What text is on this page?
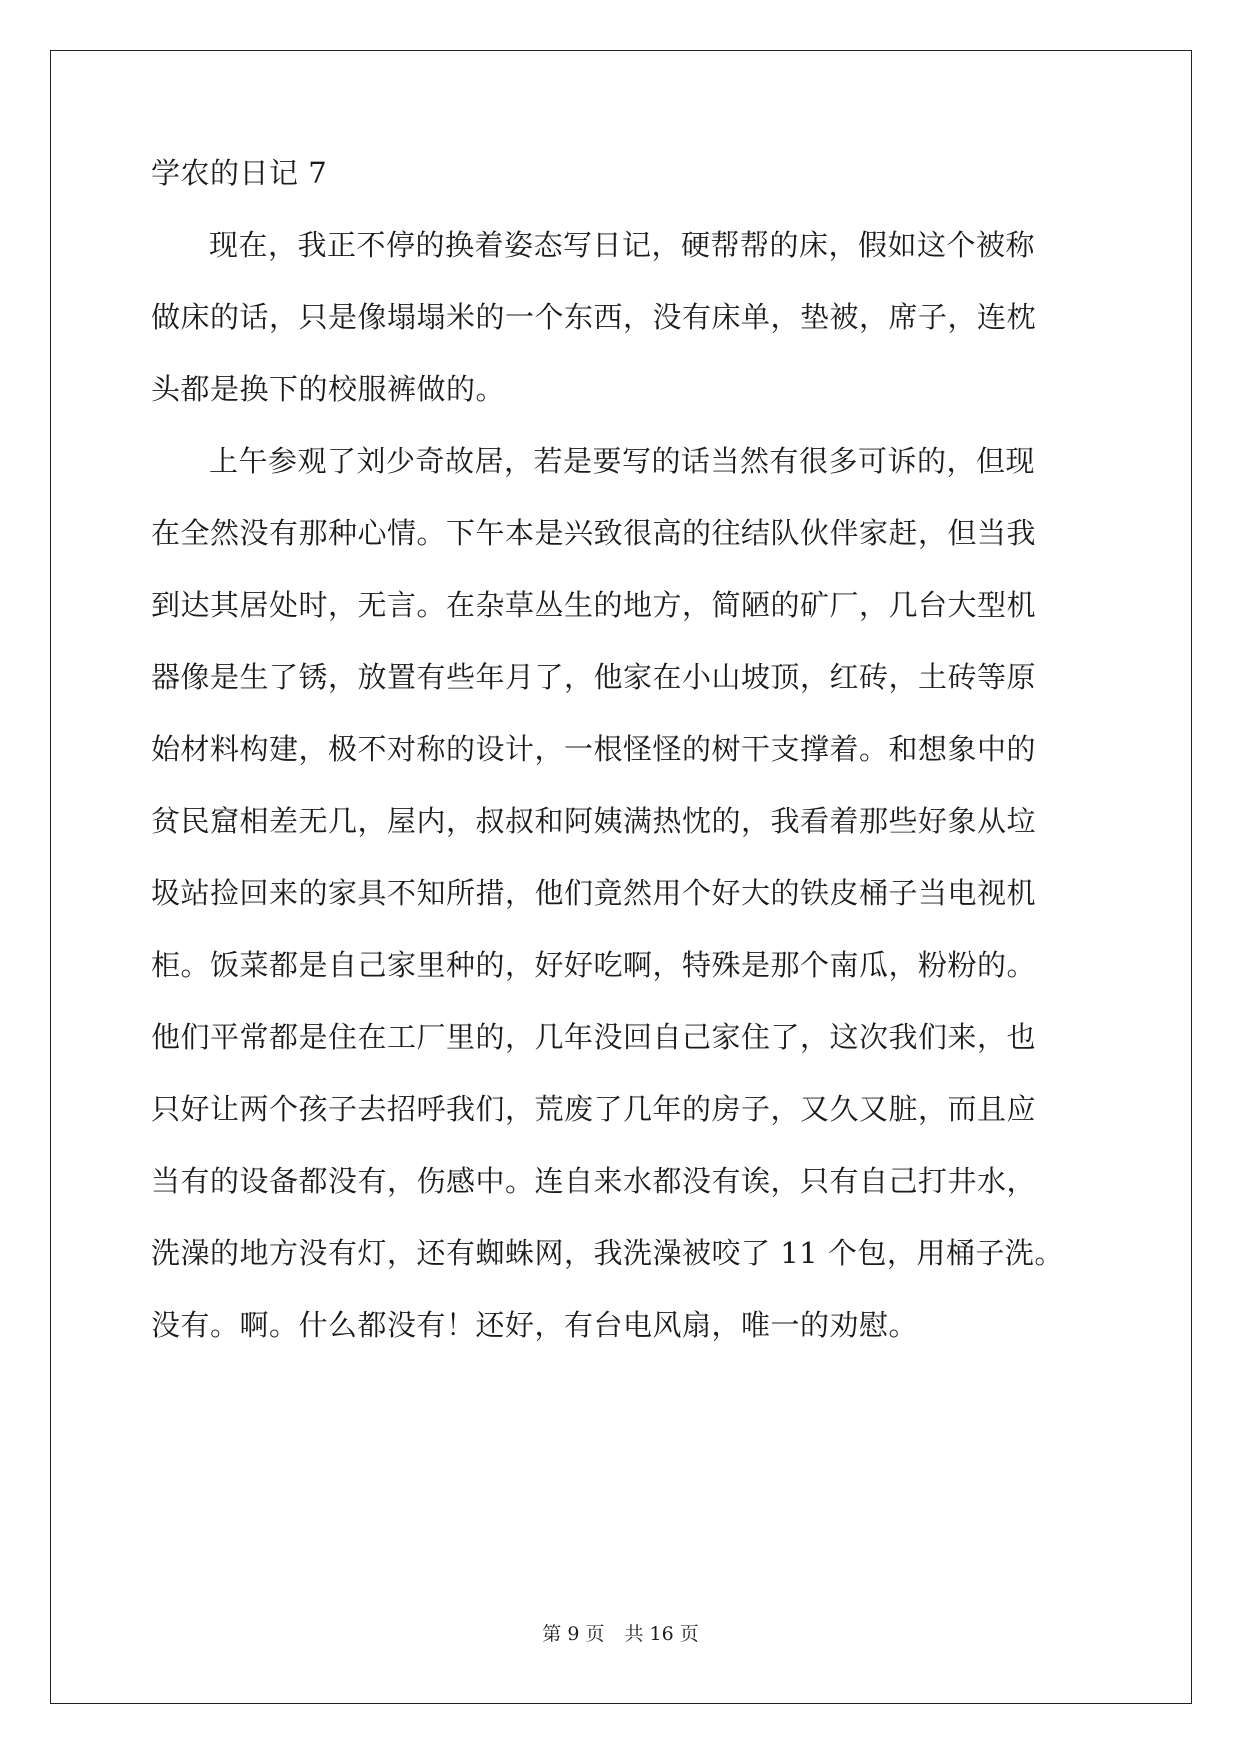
学农的日记 7
现在，我正不停的换着姿态写日记，硬帮帮的床，假如这个被称
做床的话，只是像塌塌米的一个东西，没有床单，垫被，席子，连枕
头都是换下的校服裤做的。
上午参观了刘少奇故居，若是要写的话当然有很多可诉的，但现
在全然没有那种心情。下午本是兴致很高的往结队伙伴家赶，但当我
到达其居处时，无言。在杂草丛生的地方，简陋的矿厂，几台大型机
器像是生了锈，放置有些年月了，他家在小山坡顶，红砖，土砖等原
始材料构建，极不对称的设计，一根怪怪的树干支撑着。和想象中的
贫民窟相差无几，屋内，叔叔和阿姨满热忱的，我看着那些好象从垃
圾站捡回来的家具不知所措，他们竟然用个好大的铁皮桶子当电视机
柜。饭菜都是自己家里种的，好好吃啊，特殊是那个南瓜，粉粉的。
他们平常都是住在工厂里的，几年没回自己家住了，这次我们来，也
只好让两个孩子去招呼我们，荒废了几年的房子，又久又脏，而且应
当有的设备都没有，伤感中。连自来水都没有诶，只有自己打井水，
洗澡的地方没有灯，还有蜘蛛网，我洗澡被咬了 11 个包，用桶子洗。
没有。啊。什么都没有！还好，有台电风扇，唯一的劝慰。
第 9 页 共 16 页
